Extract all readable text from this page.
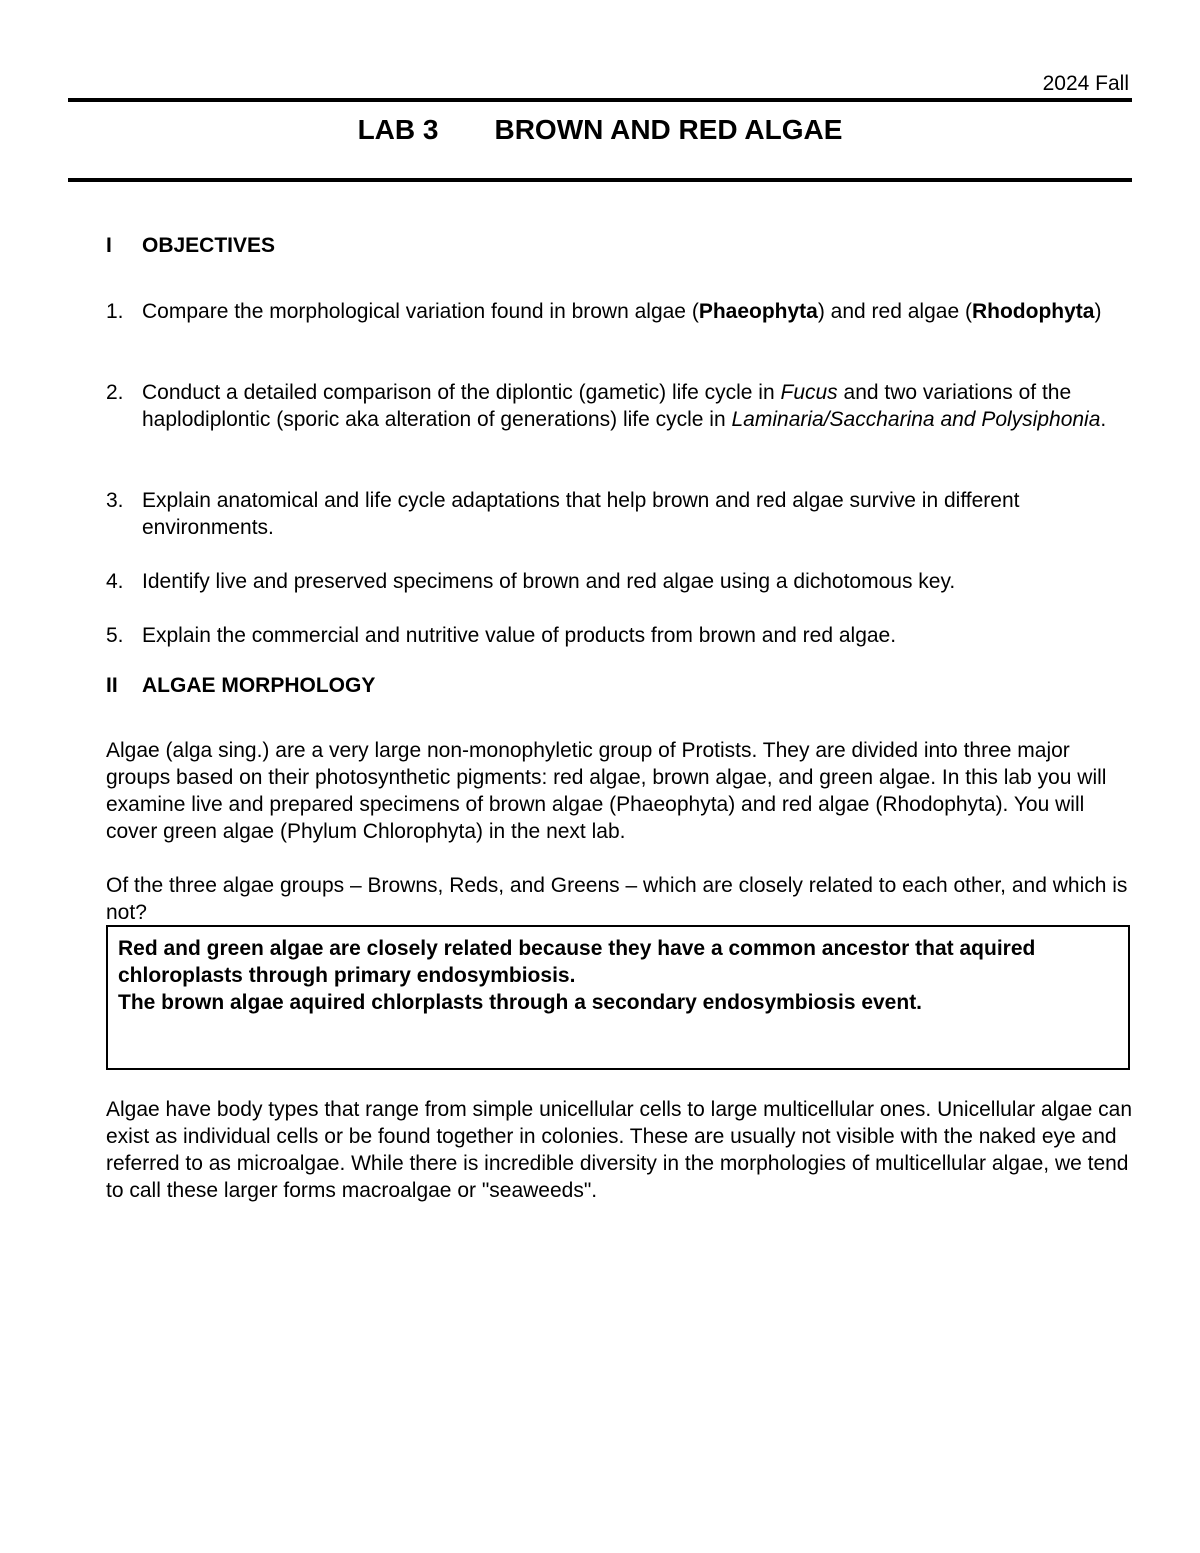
2024 Fall
LAB 3 BROWN AND RED ALGAE
I OBJECTIVES
1. Compare the morphological variation found in brown algae (Phaeophyta) and red algae (Rhodophyta)
2. Conduct a detailed comparison of the diplontic (gametic) life cycle in Fucus and two variations of the haplodiplontic (sporic aka alteration of generations) life cycle in Laminaria/Saccharina and Polysiphonia.
3. Explain anatomical and life cycle adaptations that help brown and red algae survive in different environments.
4. Identify live and preserved specimens of brown and red algae using a dichotomous key.
5. Explain the commercial and nutritive value of products from brown and red algae.
II ALGAE MORPHOLOGY
Algae (alga sing.) are a very large non-monophyletic group of Protists. They are divided into three major groups based on their photosynthetic pigments: red algae, brown algae, and green algae. In this lab you will examine live and prepared specimens of brown algae (Phaeophyta) and red algae (Rhodophyta). You will cover green algae (Phylum Chlorophyta) in the next lab.
Of the three algae groups – Browns, Reds, and Greens – which are closely related to each other, and which is not?

Red and green algae are closely related because they have a common ancestor that aquired chloroplasts through primary endosymbiosis.

The brown algae aquired chlorplasts through a secondary endosymbiosis event.

Algae have body types that range from simple unicellular cells to large multicellular ones. Unicellular algae can exist as individual cells or be found together in colonies. These are usually not visible with the naked eye and referred to as microalgae. While there is incredible diversity in the morphologies of multicellular algae, we tend to call these larger forms macroalgae or "seaweeds".
